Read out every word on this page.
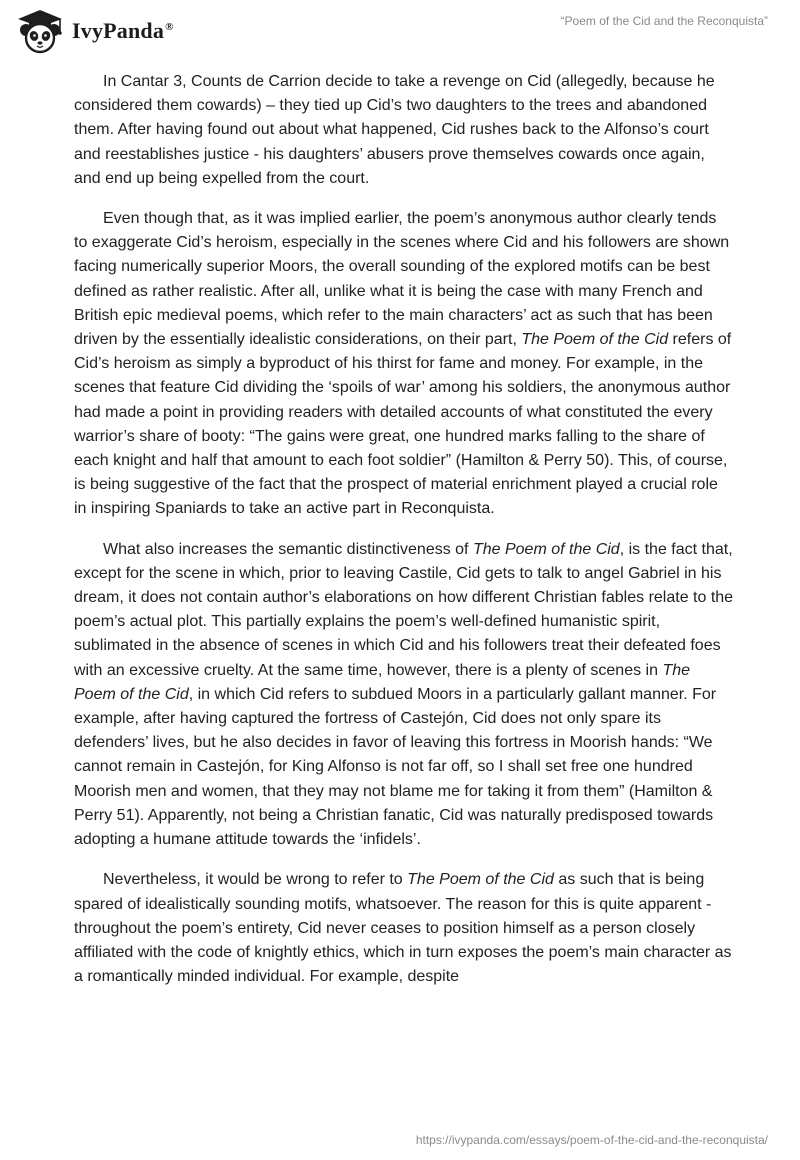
IvyPanda®	“Poem of the Cid and the Reconquista”

In Cantar 3, Counts de Carrion decide to take a revenge on Cid (allegedly, because he considered them cowards) – they tied up Cid’s two daughters to the trees and abandoned them. After having found out about what happened, Cid rushes back to the Alfonso’s court and reestablishes justice - his daughters’ abusers prove themselves cowards once again, and end up being expelled from the court.

Even though that, as it was implied earlier, the poem’s anonymous author clearly tends to exaggerate Cid’s heroism, especially in the scenes where Cid and his followers are shown facing numerically superior Moors, the overall sounding of the explored motifs can be best defined as rather realistic. After all, unlike what it is being the case with many French and British epic medieval poems, which refer to the main characters’ act as such that has been driven by the essentially idealistic considerations, on their part, The Poem of the Cid refers of Cid’s heroism as simply a byproduct of his thirst for fame and money. For example, in the scenes that feature Cid dividing the ‘spoils of war’ among his soldiers, the anonymous author had made a point in providing readers with detailed accounts of what constituted the every warrior’s share of booty: “The gains were great, one hundred marks falling to the share of each knight and half that amount to each foot soldier” (Hamilton & Perry 50). This, of course, is being suggestive of the fact that the prospect of material enrichment played a crucial role in inspiring Spaniards to take an active part in Reconquista.

What also increases the semantic distinctiveness of The Poem of the Cid, is the fact that, except for the scene in which, prior to leaving Castile, Cid gets to talk to angel Gabriel in his dream, it does not contain author’s elaborations on how different Christian fables relate to the poem’s actual plot. This partially explains the poem’s well-defined humanistic spirit, sublimated in the absence of scenes in which Cid and his followers treat their defeated foes with an excessive cruelty. At the same time, however, there is a plenty of scenes in The Poem of the Cid, in which Cid refers to subdued Moors in a particularly gallant manner. For example, after having captured the fortress of Castejón, Cid does not only spare its defenders’ lives, but he also decides in favor of leaving this fortress in Moorish hands: “We cannot remain in Castejón, for King Alfonso is not far off, so I shall set free one hundred Moorish men and women, that they may not blame me for taking it from them” (Hamilton & Perry 51). Apparently, not being a Christian fanatic, Cid was naturally predisposed towards adopting a humane attitude towards the ‘infidels’.

Nevertheless, it would be wrong to refer to The Poem of the Cid as such that is being spared of idealistically sounding motifs, whatsoever. The reason for this is quite apparent - throughout the poem’s entirety, Cid never ceases to position himself as a person closely affiliated with the code of knightly ethics, which in turn exposes the poem’s main character as a romantically minded individual. For example, despite

https://ivypanda.com/essays/poem-of-the-cid-and-the-reconquista/
